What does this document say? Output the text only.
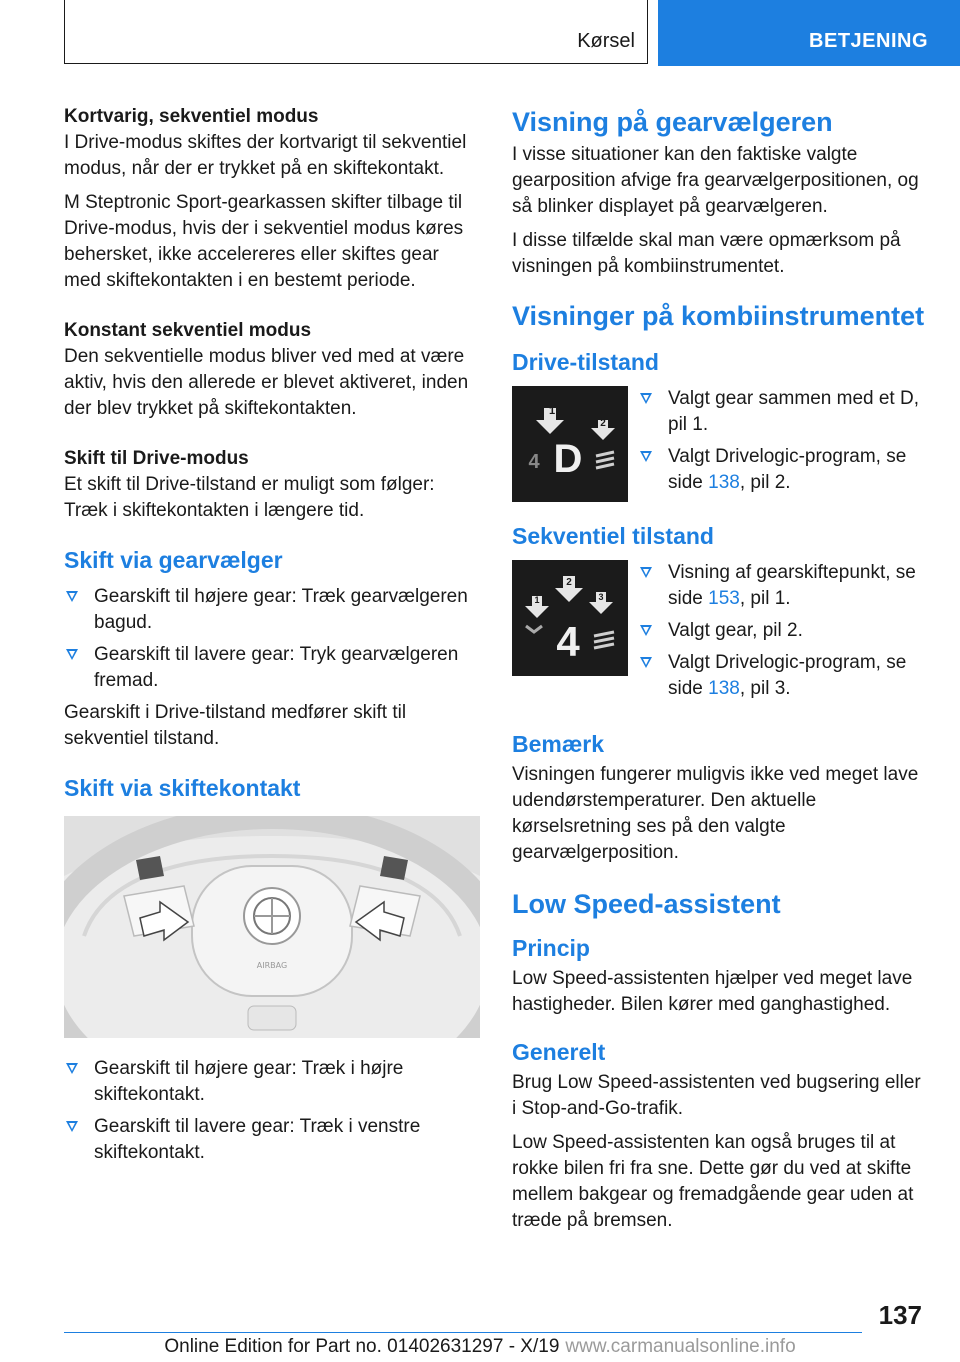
Kørsel	BETJENING
Kortvarig, sekventiel modus

I Drive-modus skiftes der kortvarigt til sekventiel modus, når der er trykket på en skiftekontakt.

M Steptronic Sport-gearkassen skifter tilbage til Drive-modus, hvis der i sekventiel modus køres behersket, ikke accelereres eller skiftes gear med skiftekontakten i en bestemt periode.

Konstant sekventiel modus

Den sekventielle modus bliver ved med at være aktiv, hvis den allerede er blevet aktiveret, inden der blev trykket på skiftekontakten.

Skift til Drive-modus

Et skift til Drive-tilstand er muligt som følger:

Træk i skiftekontakten i længere tid.

Skift via gearvælger
Gearskift til højere gear: Træk gearvælgeren bagud.
Gearskift til lavere gear: Tryk gearvælgeren fremad.

Gearskift i Drive-tilstand medfører skift til sekventiel tilstand.

Skift via skiftekontakt
AIRBAG
Gearskift til højere gear: Træk i højre skiftekontakt.
Gearskift til lavere gear: Træk i venstre skiftekontakt.
Visning på gearvælgeren

I visse situationer kan den faktiske valgte gearposition afvige fra gearvælgerpositionen, og så blinker displayet på gearvælgeren.

I disse tilfælde skal man være opmærksom på visningen på kombiinstrumentet.

Visninger på kombiinstrumentet
Drive-tilstand
1
2
4 D
Valgt gear sammen med et D, pil 1.
Valgt Drivelogic-program, se side 138, pil 2.
Sekventiel tilstand
1
2
3
4
Visning af gearskiftepunkt, se side 153, pil 1.
Valgt gear, pil 2.
Valgt Drivelogic-program, se side 138, pil 3.
Bemærk

Visningen fungerer muligvis ikke ved meget lave udendørstemperaturer. Den aktuelle kørselsretning ses på den valgte gearvælgerposition.

Low Speed-assistent
Princip

Low Speed-assistenten hjælper ved meget lave hastigheder. Bilen kører med ganghastighed.

Generelt

Brug Low Speed-assistenten ved bugsering eller i Stop-and-Go-trafik.

Low Speed-assistenten kan også bruges til at rokke bilen fri fra sne. Dette gør du ved at skifte mellem bakgear og fremadgående gear uden at træde på bremsen.

137
Online Edition for Part no. 01402631297 - X/19 www.carmanualsonline.info
